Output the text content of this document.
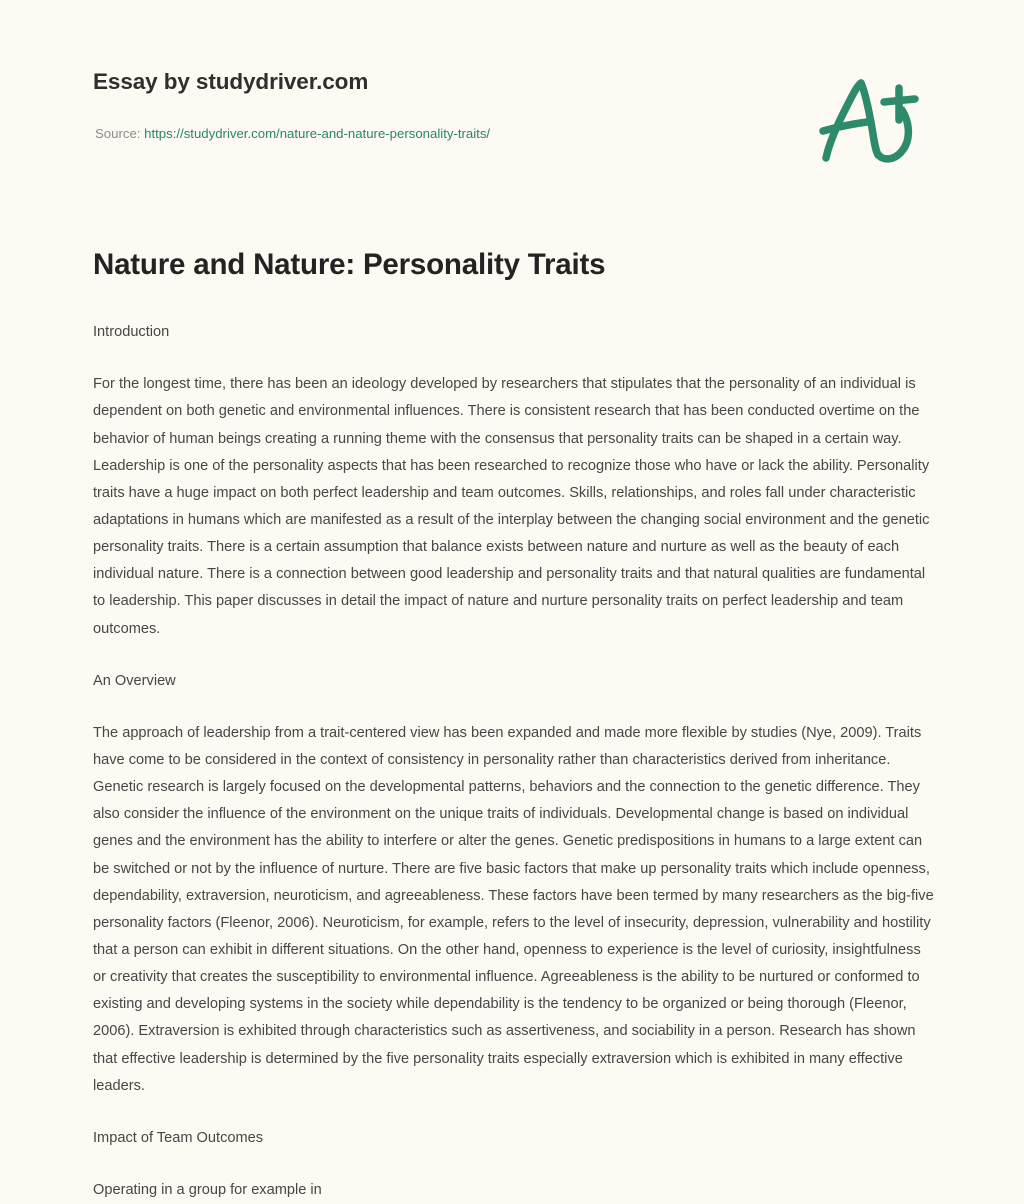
Essay by studydriver.com
Source: https://studydriver.com/nature-and-nature-personality-traits/
Nature and Nature: Personality Traits

Introduction

For the longest time, there has been an ideology developed by researchers that stipulates that the personality of an individual is dependent on both genetic and environmental influences. There is consistent research that has been conducted overtime on the behavior of human beings creating a running theme with the consensus that personality traits can be shaped in a certain way. Leadership is one of the personality aspects that has been researched to recognize those who have or lack the ability. Personality traits have a huge impact on both perfect leadership and team outcomes. Skills, relationships, and roles fall under characteristic adaptations in humans which are manifested as a result of the interplay between the changing social environment and the genetic personality traits. There is a certain assumption that balance exists between nature and nurture as well as the beauty of each individual nature. There is a connection between good leadership and personality traits and that natural qualities are fundamental to leadership. This paper discusses in detail the impact of nature and nurture personality traits on perfect leadership and team outcomes.

An Overview

The approach of leadership from a trait-centered view has been expanded and made more flexible by studies (Nye, 2009). Traits have come to be considered in the context of consistency in personality rather than characteristics derived from inheritance. Genetic research is largely focused on the developmental patterns, behaviors and the connection to the genetic difference. They also consider the influence of the environment on the unique traits of individuals. Developmental change is based on individual genes and the environment has the ability to interfere or alter the genes. Genetic predispositions in humans to a large extent can be switched or not by the influence of nurture. There are five basic factors that make up personality traits which include openness, dependability, extraversion, neuroticism, and agreeableness. These factors have been termed by many researchers as the big-five personality factors (Fleenor, 2006). Neuroticism, for example, refers to the level of insecurity, depression, vulnerability and hostility that a person can exhibit in different situations. On the other hand, openness to experience is the level of curiosity, insightfulness or creativity that creates the susceptibility to environmental influence. Agreeableness is the ability to be nurtured or conformed to existing and developing systems in the society while dependability is the tendency to be organized or being thorough (Fleenor, 2006). Extraversion is exhibited through characteristics such as assertiveness, and sociability in a person. Research has shown that effective leadership is determined by the five personality traits especially extraversion which is exhibited in many effective leaders.

Impact of Team Outcomes

Operating in a group for example in
